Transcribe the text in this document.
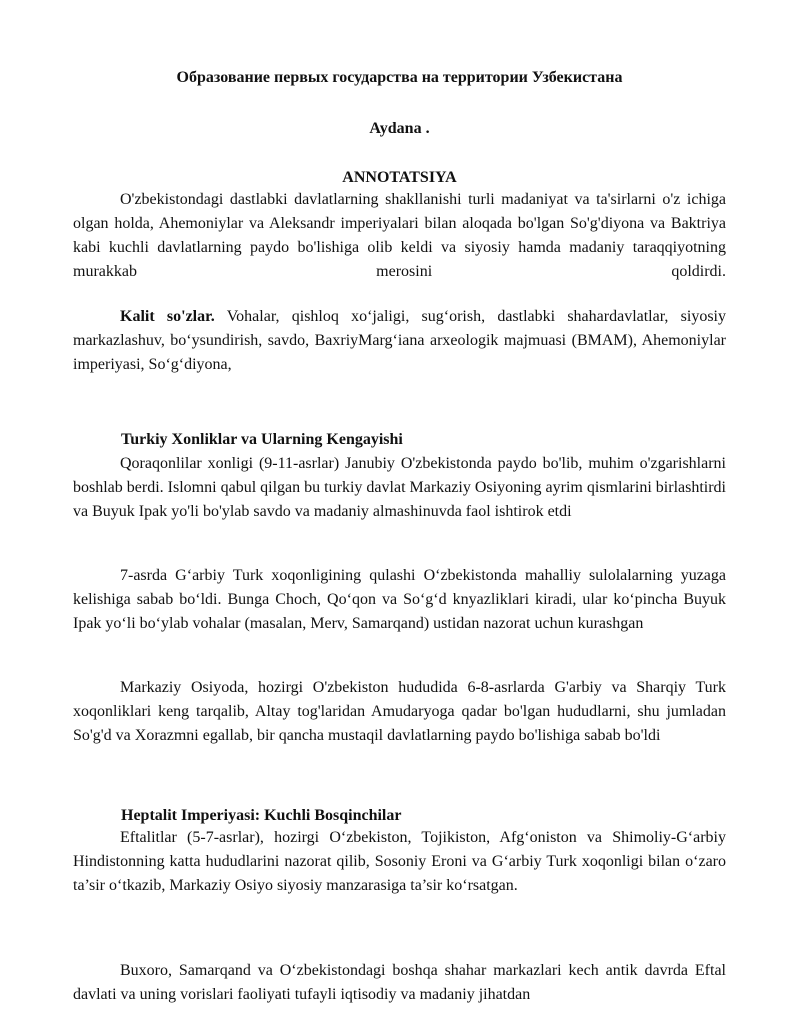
Образование первых государства на территории Узбекистана
Aydana .
ANNOTATSIYA

O'zbekistondagi dastlabki davlatlarning shakllanishi turli madaniyat va ta'sirlarni o'z ichiga olgan holda, Ahemoniylar va Aleksandr imperiyalari bilan aloqada bo'lgan So'g'diyona va Baktriya kabi kuchli davlatlarning paydo bo'lishiga olib keldi va siyosiy hamda madaniy taraqqiyotning murakkab merosini qoldirdi.

Kalit so'zlar. Vohalar, qishloq xo‘jaligi, sug‘orish, dastlabki shahardavlatlar, siyosiy markazlashuv, bo‘ysundirish, savdo, BaxriyMarg‘iana arxeologik majmuasi (BMAM), Ahemoniylar imperiyasi, So‘g‘diyona,

Turkiy Xonliklar va Ularning Kengayishi

Qoraqonlilar xonligi (9-11-asrlar) Janubiy O'zbekistonda paydo bo'lib, muhim o'zgarishlarni boshlab berdi. Islomni qabul qilgan bu turkiy davlat Markaziy Osiyoning ayrim qismlarini birlashtirdi va Buyuk Ipak yo'li bo'ylab savdo va madaniy almashinuvda faol ishtirok etdi

7-asrda G‘arbiy Turk xoqonligining qulashi O‘zbekistonda mahalliy sulolalarning yuzaga kelishiga sabab bo‘ldi. Bunga Choch, Qo‘qon va So‘g‘d knyazliklari kiradi, ular ko‘pincha Buyuk Ipak yo‘li bo‘ylab vohalar (masalan, Merv, Samarqand) ustidan nazorat uchun kurashgan

Markaziy Osiyoda, hozirgi O'zbekiston hududida 6-8-asrlarda G'arbiy va Sharqiy Turk xoqonliklari keng tarqalib, Altay tog'laridan Amudaryoga qadar bo'lgan hududlarni, shu jumladan So'g'd va Xorazmni egallab, bir qancha mustaqil davlatlarning paydo bo'lishiga sabab bo'ldi

Heptalit Imperiyasi: Kuchli Bosqinchilar

Eftalitlar (5-7-asrlar), hozirgi O‘zbekiston, Tojikiston, Afg‘oniston va Shimoliy-G‘arbiy Hindistonning katta hududlarini nazorat qilib, Sosoniy Eroni va G‘arbiy Turk xoqonligi bilan o‘zaro ta’sir o‘tkazib, Markaziy Osiyo siyosiy manzarasiga ta’sir ko‘rsatgan.

Buxoro, Samarqand va O‘zbekistondagi boshqa shahar markazlari kech antik davrda Eftal davlati va uning vorislari faoliyati tufayli iqtisodiy va madaniy jihatdan
